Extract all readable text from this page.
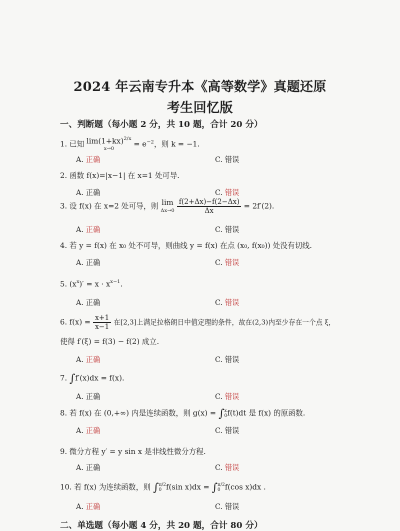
2024 年云南专升本《高等数学》真题还原
考生回忆版
一、判断题（每小题 2 分，共 10 题，合计 20 分）
1. 已知 $\lim(1+kx)^{2/x}$
$x\to 0 = e^{-2}$，则 k = −1.
A. 正确	C. 错误
2. 函数 f(x)=|x−1| 在 x=1 处可导.
A. 正确	C. 错误
3. 设 f(x) 在 x=2 处可导，则 lim
$\Delta x\to 0 \frac{f(2+\Delta x)-f(2-\Delta x)}{\Delta x} = 2f'(2)$.
A. 正确	C. 错误
4. 若 y = f(x) 在 x₀ 处不可导，则曲线 y = f(x) 在点 (x₀, f(x₀)) 处没有切线.
A. 正确	C. 错误
5. $(x^x)' = x \cdot x^{x-1}$.
A. 正确	C. 错误
6. $f(x) = \frac{x+1}{x-1}$ 在[2,3]上满足拉格朗日中值定理的条件，故在(2,3)内至少存在一个点 ξ，
使得 f′(ξ) = f(3) − f(2) 成立.
A. 正确	C. 错误
7. ∫f′(x)dx = f(x).
A. 正确	C. 错误
8. 若 f(x) 在 (0,+∞) 内是连续函数，则 g(x) = ∫x
0f(t)dt 是 f(x) 的原函数.
A. 正确	C. 错误
9. 微分方程 y′ = y sin x 是非线性微分方程.
A. 正确	C. 错误
10. 若 f(x) 为连续函数，则 ∫π/2
0 f(sin x)dx = ∫π/2
0 f(cos x)dx .
A. 正确	C. 错误
二、单选题（每小题 4 分，共 20 题，合计 80 分）
